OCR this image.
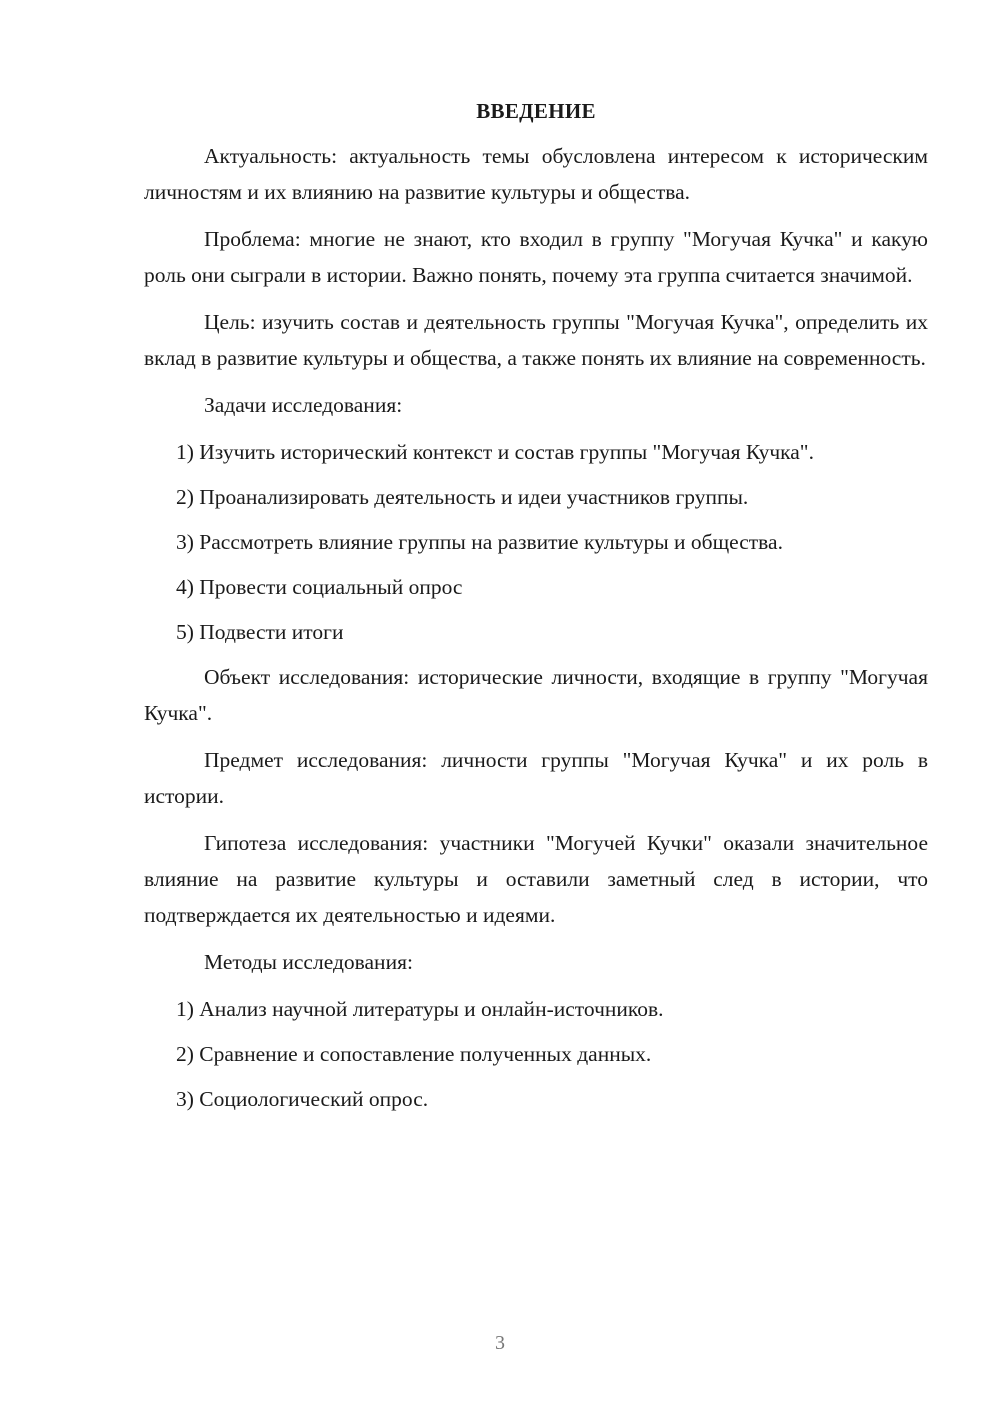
ВВЕДЕНИЕ

Актуальность: актуальность темы обусловлена интересом к историческим личностям и их влиянию на развитие культуры и общества.

Проблема: многие не знают, кто входил в группу "Могучая Кучка" и какую роль они сыграли в истории. Важно понять, почему эта группа считается значимой.

Цель: изучить состав и деятельность группы "Могучая Кучка", определить их вклад в развитие культуры и общества, а также понять их влияние на современность.

Задачи исследования:
1) Изучить исторический контекст и состав группы "Могучая Кучка".
2) Проанализировать деятельность и идеи участников группы.
3) Рассмотреть влияние группы на развитие культуры и общества.
4) Провести социальный опрос
5) Подвести итоги

Объект исследования: исторические личности, входящие в группу "Могучая Кучка".

Предмет исследования: личности группы "Могучая Кучка" и их роль в истории.

Гипотеза исследования: участники "Могучей Кучки" оказали значительное влияние на развитие культуры и оставили заметный след в истории, что подтверждается их деятельностью и идеями.

Методы исследования:
1) Анализ научной литературы и онлайн-источников.
2) Сравнение и сопоставление полученных данных.
3) Социологический опрос.
3
